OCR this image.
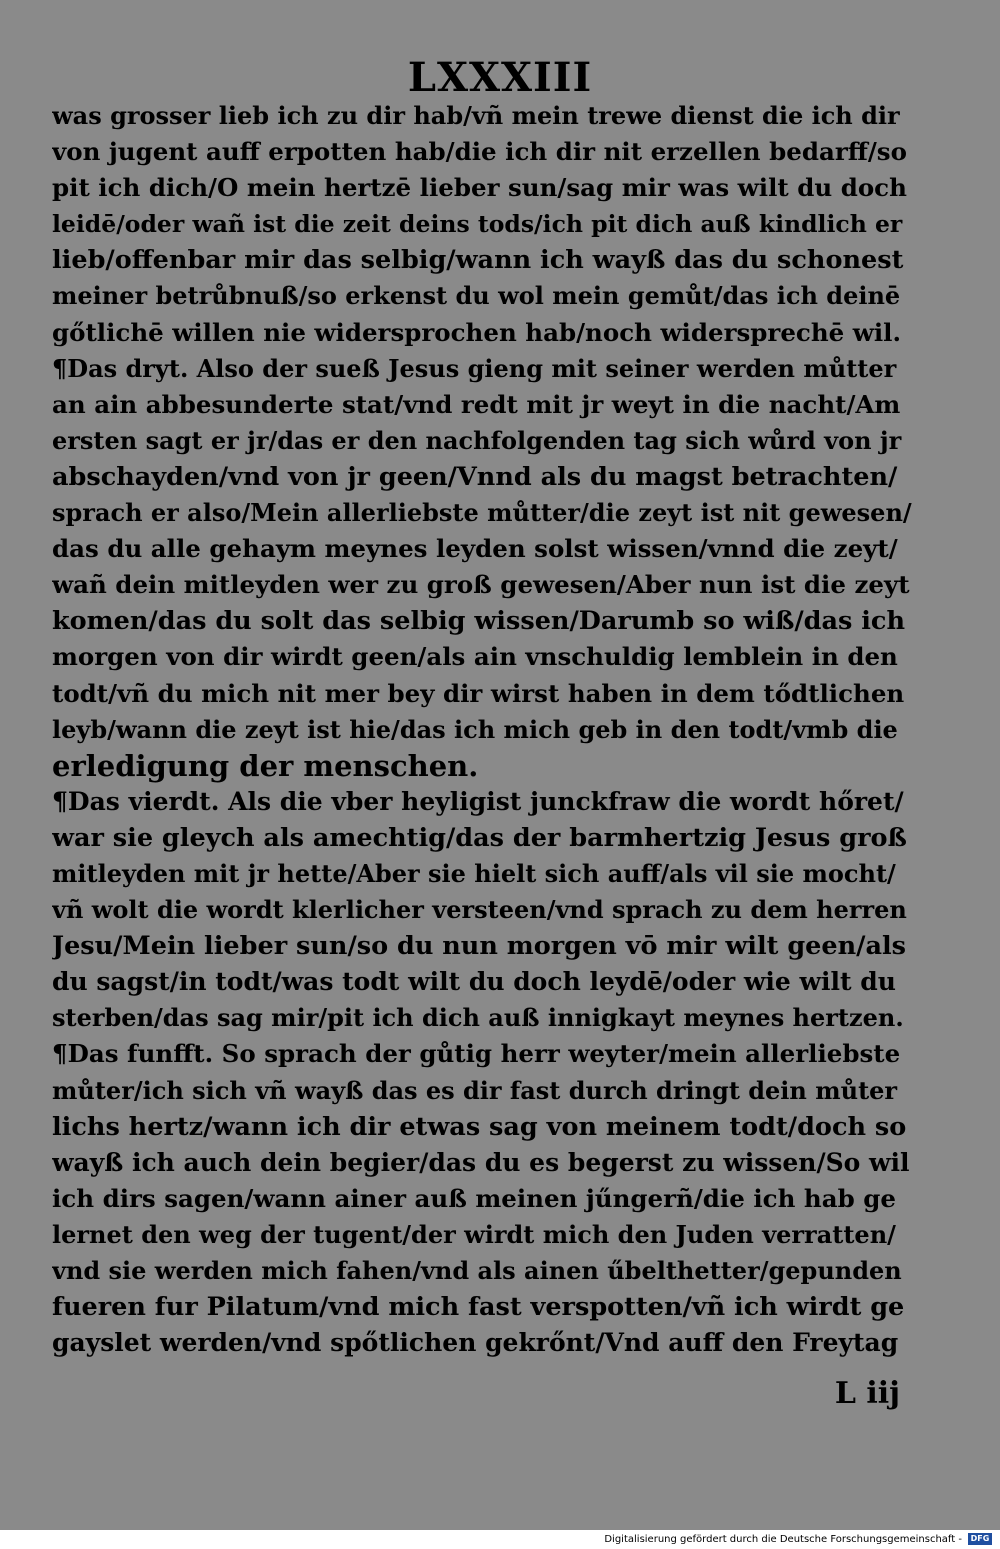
LXXXIII
was grosser lieb ich zu dir hab/vñ mein trewe dienst die ich dir
von jugent auff erpotten hab/die ich dir nit erzellen bedarff/so
pit ich dich/O mein hertzē lieber sun/sag mir was wilt du doch
leidē/oder wañ ist die zeit deins tods/ich pit dich auß kindlich er
lieb/offenbar mir das selbig/wann ich wayß das du schonest
meiner betrůbnuß/so erkenst du wol mein gemůt/das ich deinē
gőtlichē willen nie widersprochen hab/noch widersprechē wil.
¶Das dryt. Also der sueß Jesus gieng mit seiner werden můtter
an ain abbesunderte stat/vnd redt mit jr weyt in die nacht/Am
ersten sagt er jr/das er den nachfolgenden tag sich wůrd von jr
abschayden/vnd von jr geen/Vnnd als du magst betrachten/
sprach er also/Mein allerliebste můtter/die zeyt ist nit gewesen/
das du alle gehaym meynes leyden solst wissen/vnnd die zeyt/
wañ dein mitleyden wer zu groß gewesen/Aber nun ist die zeyt
komen/das du solt das selbig wissen/Darumb so wiß/das ich
morgen von dir wirdt geen/als ain vnschuldig lemblein in den
todt/vñ du mich nit mer bey dir wirst haben in dem tődtlichen
leyb/wann die zeyt ist hie/das ich mich geb in den todt/vmb die
erledigung der menschen.
¶Das vierdt. Als die vber heyligist junckfraw die wordt hőret/
war sie gleych als amechtig/das der barmhertzig Jesus groß
mitleyden mit jr hette/Aber sie hielt sich auff/als vil sie mocht/
vñ wolt die wordt klerlicher versteen/vnd sprach zu dem herren
Jesu/Mein lieber sun/so du nun morgen vō mir wilt geen/als
du sagst/in todt/was todt wilt du doch leydē/oder wie wilt du
sterben/das sag mir/pit ich dich auß innigkayt meynes hertzen.
¶Das funfft. So sprach der gůtig herr weyter/mein allerliebste
můter/ich sich vñ wayß das es dir fast durch dringt dein můter
lichs hertz/wann ich dir etwas sag von meinem todt/doch so
wayß ich auch dein begier/das du es begerst zu wissen/So wil
ich dirs sagen/wann ainer auß meinen jűngerñ/die ich hab ge
lernet den weg der tugent/der wirdt mich den Juden verratten/
vnd sie werden mich fahen/vnd als ainen űbelthetter/gepunden
fueren fur Pilatum/vnd mich fast verspotten/vñ ich wirdt ge
gayslet werden/vnd spőtlichen gekrőnt/Vnd auff den Freytag
L iij
Digitalisierung gefördert durch die Deutsche Forschungsgemeinschaft -	DFG
